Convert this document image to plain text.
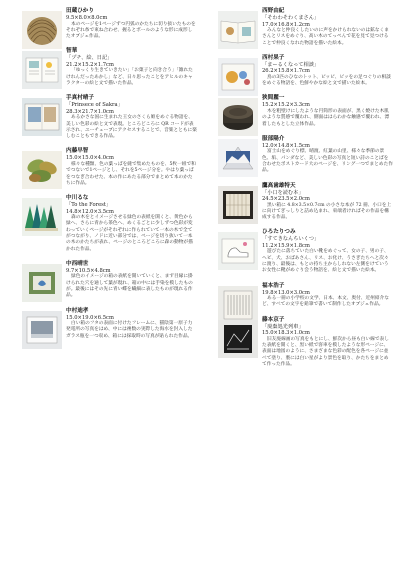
田蔵ひかり
9.5×8.0×8.0cm

本のページを1ページずつ円弧のかたちに切り抜いたものをそれぞれ糸で束ね合わせ、握るとボールのような形に成形したオブジェ作品。

智華
「プチ、絵、日記」
21.2×15.2×1.7cm

「ゆっくり生きていきたい」「お菓子と向き合う」「雑れたけれんだったあかし」など、日々思ったことをアヒルのキャラクターの絵と文で描いた作品。

手真村晴子
「Prinsece of Sakra」
28.3×21.7×1.0cm

あるかさな国に生まれた王女のさくら姫をめぐる物語を、美しい色彩の絵と文で表現。ところどころに QR コードが表示され、ユーチューブにアクセスすることで、音楽とともに楽しむこともできる作品。

内藤早智
15.0×15.0×4.0cm

様々な種類、色の葉っぱを縫で集めたものを、5枚一組で和でつないで1ページとし、それを5ページ分を。やはり葉っぱをつなぎ合わせた、本の作にあたる部分でまとめて本のかたちに作品。

中川るな
「To the Forest」
14.8×12.0×3.5cm

森の木をとイメージさせる緑色の表紙を開くと、黄色から緑へ、さらに青から茶色へ、めくるごとに少しずつ色彩が変わっていくページがそれぞれに作られていて一本の木で全てがつながり、ノドに近い部分では、ページを切り抜いて一本の木のかたちが表れ、ページのところどころに森の動物が描かれた作品。

中西晴世
9.7×10.5×4.8cm

緑色のイメージの箱の表紙を開いていくと、まず目縁に掛けられた穴を通して葉が現れ、箱の中には手染を模したものが。最後にはその先に青い蝶を繊細に表したものが現れる作品。

中村迪孝
15.0×19.0×6.5cm

白い箱のフタの表面に付けたフレームに、猫陰第一原子力発電所の写真をはめ、中には複数の実際した海水を封入したガラス瓶を一つ収め、箱には採取時の写真が貼られた作品。

西野由紀
「そわわそわくまさん」
17.0×16.8×1.2cm

みんなと仲良くしたいのに声をかけられないのは鉱なくまさんとリスをめぐり、高い木のてっぺんで花を見て見つけることで仲良くなれた物語を描いた絵本。

西村果子
「まーるくなって相談」
26.2×15.8×1.7cm

鳥の3匹のひなのトット、ピッピ、ピッをの足つぐりの相談をめぐる物語を、色鮮やかな絵と文で描いた絵本。

狭間麗一
15.2×15.2×3.3cm

木を粗壁けにしたような円筒形の表面が、黒く焼けた木肌のような質感で覆われ、側面ははらわかな触感で覆われ、漂着したもとした立体作品。

服部陽介
12.0×14.8×1.5cm

富士山をめぐり標、晴渡、紅葉の山里、様々な季節の景色、垢、パンダなど、美しい色彩の写真と短い詩のことばを合わせたポストカード大のページを、リング一つでまとめた作品。

鷹高歯雄特天
「小口を読む本」
24.5×23.5×2.0cm

黒い箱に 4.8×3.5×0.7cm の小さな本が 72 冊、小口を上に向けてぎっしりと詰め込まれ、束端者ければその作品を構成する作品。

ひろたりつみ
「すてきなんちいくつ」
11.2×15.9×1.8cm

遊びたに落ちていた白い靴をめぐって、女の子、男の子、ヘビ、犬、おばあさん、リス、お化け、うさぎたちへと次々に渡り、最後は、もとの持ち主からしれない左側をけていうお女性に靴がめぐり会う物語を、絵と文で描いた絵本。

福本浩子
19.8×13.0×3.0cm

ある一冊の小学校の文学、日本、本文、奥付、近州紹介など、すべての文字を鉛筆で書いて制作したオブジェ作品。

藤本京子
「廃棄処光列車」
15.0×18.3×1.0cm

旧友廃線画の写真をもとにし、鮮次から昼も白い線で表した表紙を開くと、黒い紙で客車を模したような形ページに、表面は地図のように、さまざまな色彩の配色を各ページに並べて塗り、裏には白い星がより景色を取り、かたちをまとめて作った作品。
